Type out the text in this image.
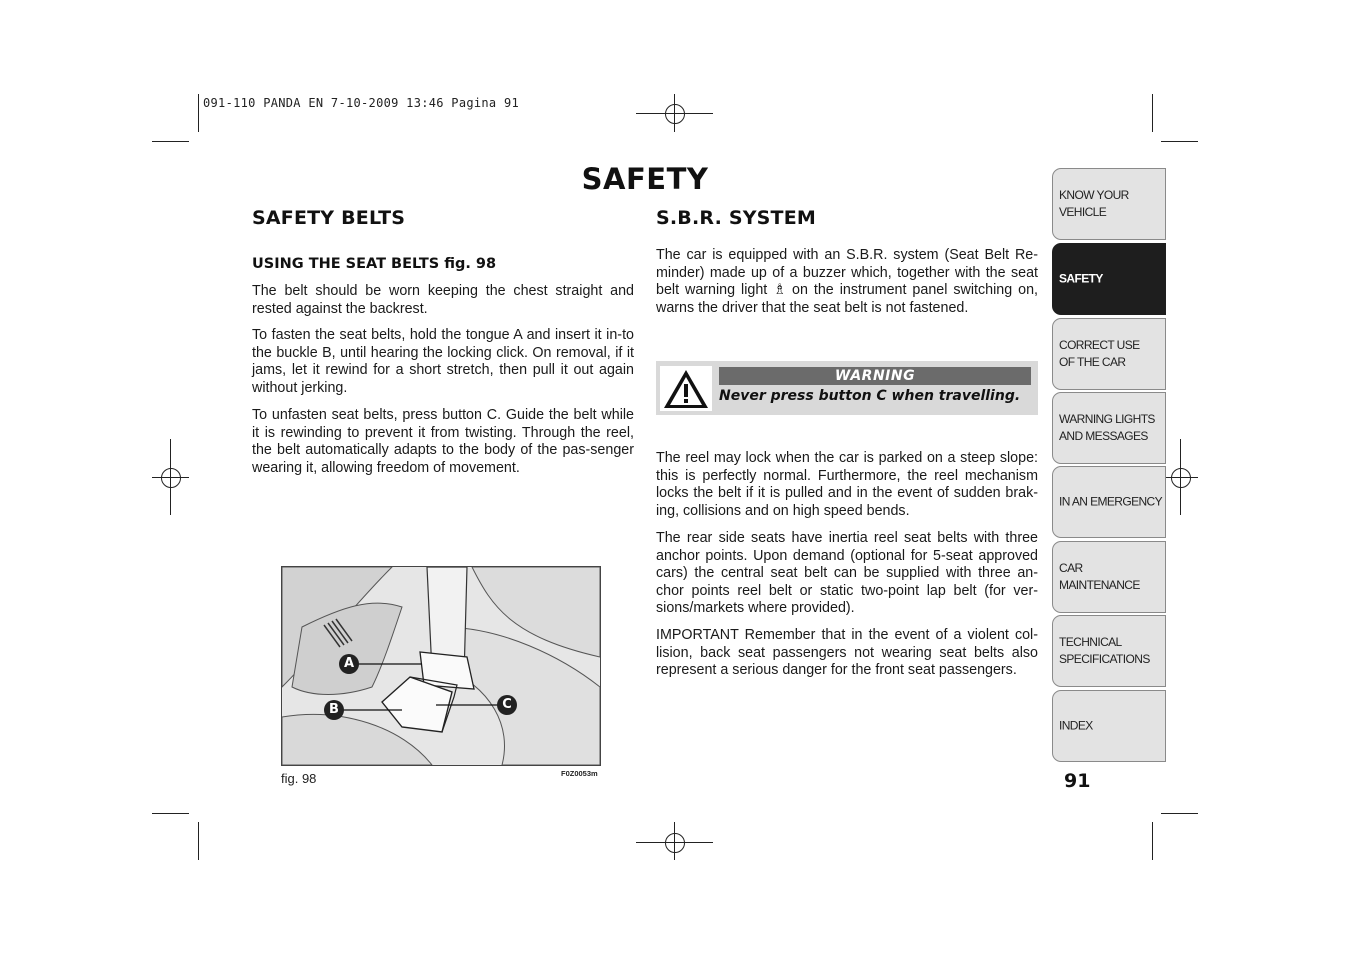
091-110 PANDA EN 7-10-2009 13:46 Pagina 91
SAFETY
SAFETY BELTS
USING THE SEAT BELTS fig. 98

The belt should be worn keeping the chest straight and rested against the backrest.

To fasten the seat belts, hold the tongue A and insert it in-to the buckle B, until hearing the locking click. On removal, if it jams, let it rewind for a short stretch, then pull it out again without jerking.

To unfasten seat belts, press button C. Guide the belt while it is rewinding to prevent it from twisting. Through the reel, the belt automatically adapts to the body of the pas-senger wearing it, allowing freedom of movement.

A
B	C
fig. 98	F0Z0053m
S.B.R. SYSTEM

The car is equipped with an S.B.R. system (Seat Belt Re-minder) made up of a buzzer which, together with the seat belt warning light ♗ on the instrument panel switching on, warns the driver that the seat belt is not fastened.

WARNING
Never press button C when travelling.

The reel may lock when the car is parked on a steep slope: this is perfectly normal. Furthermore, the reel mechanism locks the belt if it is pulled and in the event of sudden brak-ing, collisions and on high speed bends.

The rear side seats have inertia reel seat belts with three anchor points. Upon demand (optional for 5-seat approved cars) the central seat belt can be supplied with three an-chor points reel belt or static two-point lap belt (for ver-sions/markets where provided).

IMPORTANT Remember that in the event of a violent col-lision, back seat passengers not wearing seat belts also represent a serious danger for the front seat passengers.

KNOW YOUR
VEHICLE
SAFETY
CORRECT USE
OF THE CAR
WARNING LIGHTS
AND MESSAGES
IN AN EMERGENCY
CAR
MAINTENANCE
TECHNICAL
SPECIFICATIONS
INDEX
91
